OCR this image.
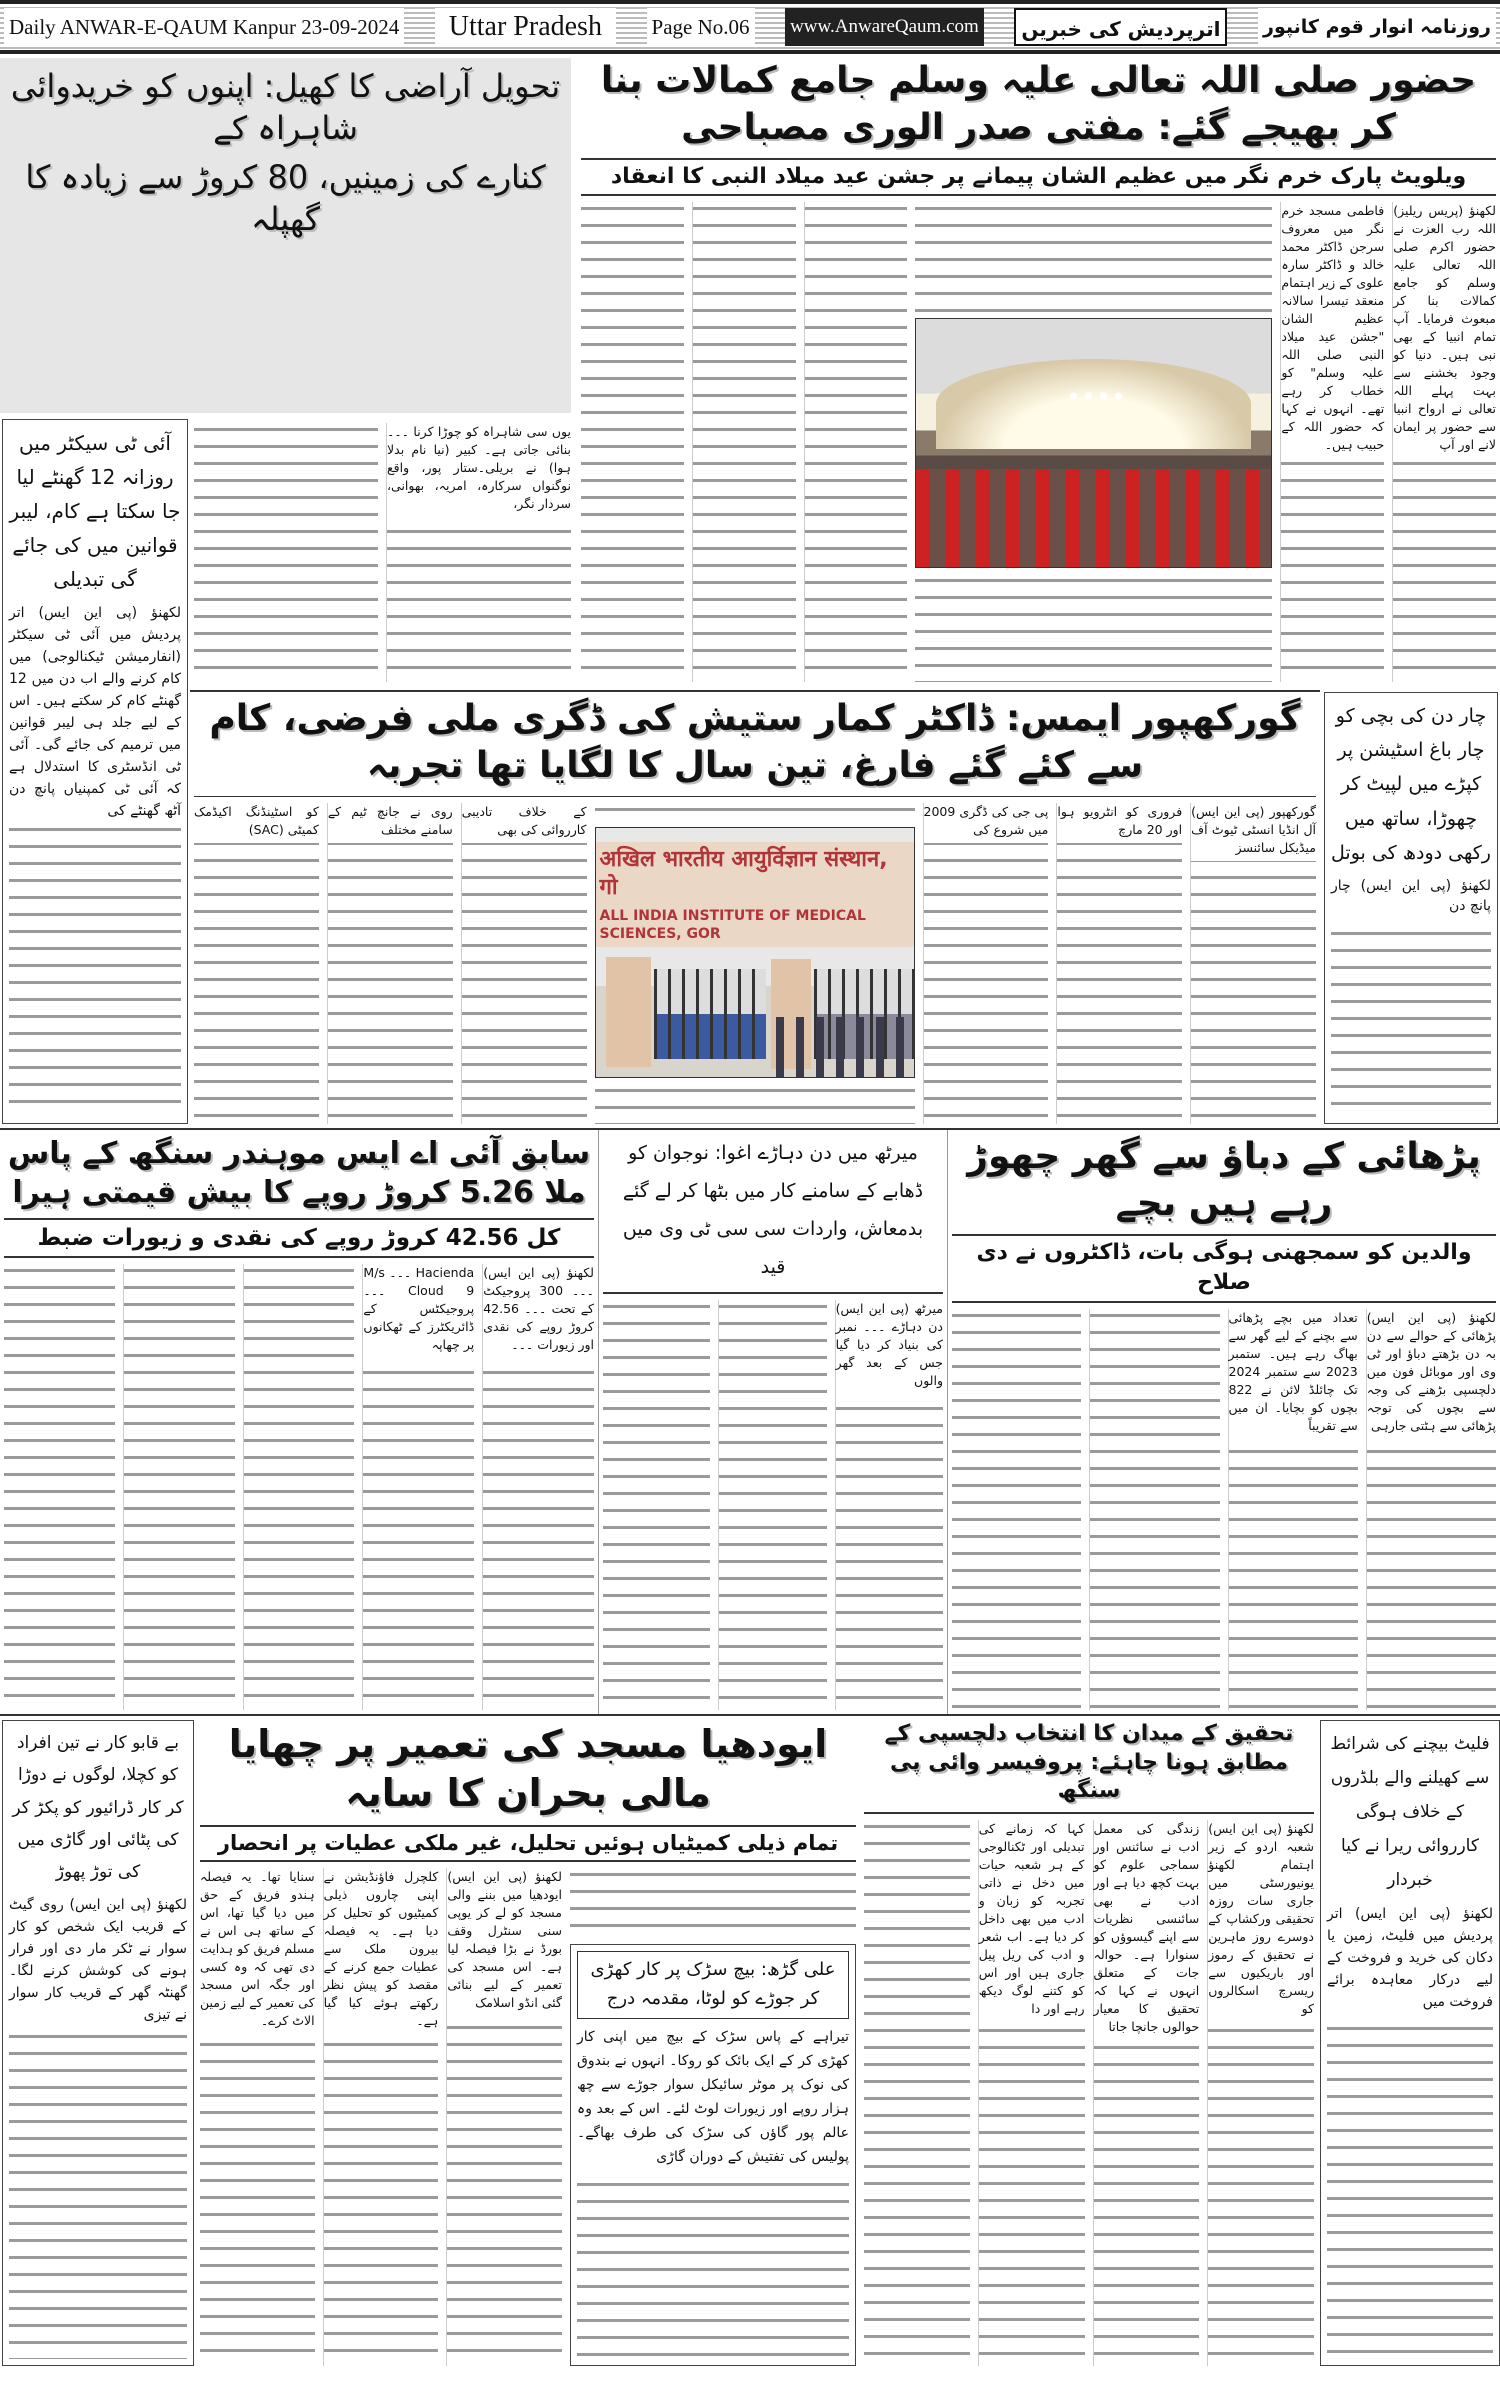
Daily ANWAR-E-QAUM Kanpur 23-09-2024	Uttar Pradesh	Page No.06 www.AnwareQaum.com	اترپردیش کی خبریں	روزنامہ انوار قوم کانپور
تحویل آراضی کا کھیل: اپنوں کو خریدوائی شاہراہ کے
کنارے کی زمینیں، 80 کروڑ سے زیادہ کا گھپلہ
یوں سی شاہراہ کو چوڑا کرنا ۔۔۔ بنائی جاتی ہے۔ کبیر (نیا نام بدلا ہوا) نے بریلی۔ستار پور، واقع نوگنواں سرکارہ، امریہ، بھوانی، سردار نگر،
آئی ٹی سیکٹر میں روزانہ 12 گھنٹے لیا جا سکتا ہے کام، لیبر قوانین میں کی جائے گی تبدیلی
لکھنؤ (پی این ایس) اتر پردیش میں آئی ٹی سیکٹر (انفارمیشن ٹیکنالوجی) میں کام کرنے والے اب دن میں 12 گھنٹے کام کر سکتے ہیں۔ اس کے لیے جلد ہی لیبر قوانین میں ترمیم کی جائے گی۔ آئی ٹی انڈسٹری کا استدلال ہے کہ آئی ٹی کمپنیاں پانچ دن آٹھ گھنٹے کی
حضور صلی اللہ تعالی علیہ وسلم جامع کمالات بنا کر بھیجے گئے: مفتی صدر الوری مصباحی
ویلویٹ پارک خرم نگر میں عظیم الشان پیمانے پر جشن عید میلاد النبی کا انعقاد
لکھنؤ (پریس ریلیز) اللہ رب العزت نے حضور اکرم صلی اللہ تعالی علیہ وسلم کو جامع کمالات بنا کر مبعوث فرمایا۔ آپ تمام انبیا کے بھی نبی ہیں۔ دنیا کو وجود بخشنے سے بہت پہلے اللہ تعالی نے ارواح انبیا سے حضور پر ایمان لانے اور آپ
فاطمی مسجد خرم نگر میں معروف سرجن ڈاکٹر محمد خالد و ڈاکٹر سارہ علوی کے زیر اہتمام منعقد تیسرا سالانہ عظیم الشان "جشن عید میلاد النبی صلی اللہ علیہ وسلم" کو خطاب کر رہے تھے۔ انہوں نے کہا کہ حضور اللہ کے حبیب ہیں۔
گورکھپور ایمس: ڈاکٹر کمار ستیش کی ڈگری ملی فرضی، کام سے کئے گئے فارغ، تین سال کا لگایا تھا تجربہ
گورکھپور (پی این ایس) آل انڈیا انسٹی ٹیوٹ آف میڈیکل سائنسز
فروری کو انٹرویو ہوا اور 20 مارچ
پی جی کی ڈگری 2009 میں شروع کی
अखिल भारतीय आयुर्विज्ञान संस्थान, गो
ALL INDIA INSTITUTE OF MEDICAL SCIENCES, GOR
کے خلاف تادیبی کارروائی کی بھی
روی نے جانچ ٹیم کے سامنے مختلف
کو اسٹینڈنگ اکیڈمک کمیٹی (SAC)
چار دن کی بچی کو چار باغ اسٹیشن پر کپڑے میں لپیٹ کر چھوڑا، ساتھ میں رکھی دودھ کی بوتل
لکھنؤ (پی این ایس) چار پانچ دن
سابق آئی اے ایس موہندر سنگھ کے پاس ملا 5.26 کروڑ روپے کا بیش قیمتی ہیرا
کل 42.56 کروڑ روپے کی نقدی و زیورات ضبط
لکھنؤ (پی این ایس) ۔۔۔ 300 پروجیکٹ کے تحت ۔۔۔ 42.56 کروڑ روپے کی نقدی اور زیورات ۔۔۔
Hacienda ۔۔۔ M/s Cloud 9 ۔۔۔ پروجیکٹس کے ڈائریکٹرز کے ٹھکانوں پر چھاپہ
میرٹھ میں دن دہاڑے اغوا: نوجوان کو ڈھابے کے سامنے کار میں بٹھا کر لے گئے بدمعاش، واردات سی سی ٹی وی میں قید
میرٹھ (پی این ایس) دن دہاڑے ۔۔۔ نمبر کی بنیاد کر دیا گیا جس کے بعد گھر والوں
پڑھائی کے دباؤ سے گھر چھوڑ رہے ہیں بچے
والدین کو سمجھنی ہوگی بات، ڈاکٹروں نے دی صلاح
لکھنؤ (پی این ایس) پڑھائی کے حوالے سے دن بہ دن بڑھتے دباؤ اور ٹی وی اور موبائل فون میں دلچسپی بڑھنے کی وجہ سے بچوں کی توجہ پڑھائی سے ہٹتی جارہی
تعداد میں بچے پڑھائی سے بچنے کے لیے گھر سے بھاگ رہے ہیں۔ ستمبر 2023 سے ستمبر 2024 تک چائلڈ لائن نے 822 بچوں کو بچایا۔ ان میں سے تقریباً
بے قابو کار نے تین افراد کو کچلا، لوگوں نے دوڑا کر کار ڈرائیور کو پکڑ کر کی پٹائی اور گاڑی میں کی توڑ پھوڑ
لکھنؤ (پی این ایس) روی گیٹ کے قریب ایک شخص کو کار سوار نے ٹکر مار دی اور فرار ہونے کی کوشش کرنے لگا۔ گھنٹہ گھر کے قریب کار سوار نے تیزی
ایودھیا مسجد کی تعمیر پر چھایا مالی بحران کا سایہ
تمام ذیلی کمیٹیاں ہوئیں تحلیل، غیر ملکی عطیات پر انحصار
علی گڑھ: بیچ سڑک پر کار کھڑی کر جوڑے کو لوٹا، مقدمہ درج
تیراہے کے پاس سڑک کے بیچ میں اپنی کار کھڑی کر کے ایک بائک کو روکا۔ انہوں نے بندوق کی نوک پر موٹر سائیکل سوار جوڑے سے چھ ہزار روپے اور زیورات لوٹ لئے۔ اس کے بعد وہ عالم پور گاؤں کی سڑک کی طرف بھاگے۔ پولیس کی تفتیش کے دوران گاڑی
لکھنؤ (پی این ایس) ایودھیا میں بننے والی مسجد کو لے کر یوپی سنی سنٹرل وقف بورڈ نے بڑا فیصلہ لیا ہے۔ اس مسجد کی تعمیر کے لیے بنائی گئی انڈو اسلامک
کلچرل فاؤنڈیشن نے اپنی چاروں ذیلی کمیٹیوں کو تحلیل کر دیا ہے۔ یہ فیصلہ بیرون ملک سے عطیات جمع کرنے کے مقصد کو پیش نظر رکھتے ہوئے کیا گیا ہے۔
سنایا تھا۔ یہ فیصلہ ہندو فریق کے حق میں دیا گیا تھا، اس کے ساتھ ہی اس نے مسلم فریق کو ہدایت دی تھی کہ وہ کسی اور جگہ اس مسجد کی تعمیر کے لیے زمین الاٹ کرے۔
تحقیق کے میدان کا انتخاب دلچسپی کے مطابق ہونا چاہئے: پروفیسر وائی پی سنگھ
لکھنؤ (پی این ایس) شعبہ اردو کے زیر اہتمام لکھنؤ یونیورسٹی میں جاری سات روزہ تحقیقی ورکشاپ کے دوسرے روز ماہرین نے تحقیق کے رموز اور باریکیوں سے ریسرچ اسکالروں کو
زندگی کی معمل ادب نے سائنس اور سماجی علوم کو بہت کچھ دیا ہے اور ادب نے بھی سائنسی نظریات سے اپنے گیسوؤں کو سنوارا ہے۔ حوالہ جات کے متعلق انہوں نے کہا کہ تحقیق کا معیار حوالوں جانچا جاتا
کہا کہ زمانے کی تبدیلی اور ٹکنالوجی کے ہر شعبہ حیات میں دخل نے ذاتی تجربہ کو زبان و ادب میں بھی داخل کر دیا ہے۔ اب شعر و ادب کی ریل پیل جاری ہیں اور اس کو کتنے لوگ دیکھ رہے اور دا
فلیٹ بیچنے کی شرائط سے کھیلنے والے بلڈروں کے خلاف ہوگی کارروائی ریرا نے کیا خبردار
لکھنؤ (پی این ایس) اتر پردیش میں فلیٹ، زمین یا دکان کی خرید و فروخت کے لیے درکار معاہدہ برائے فروخت میں
